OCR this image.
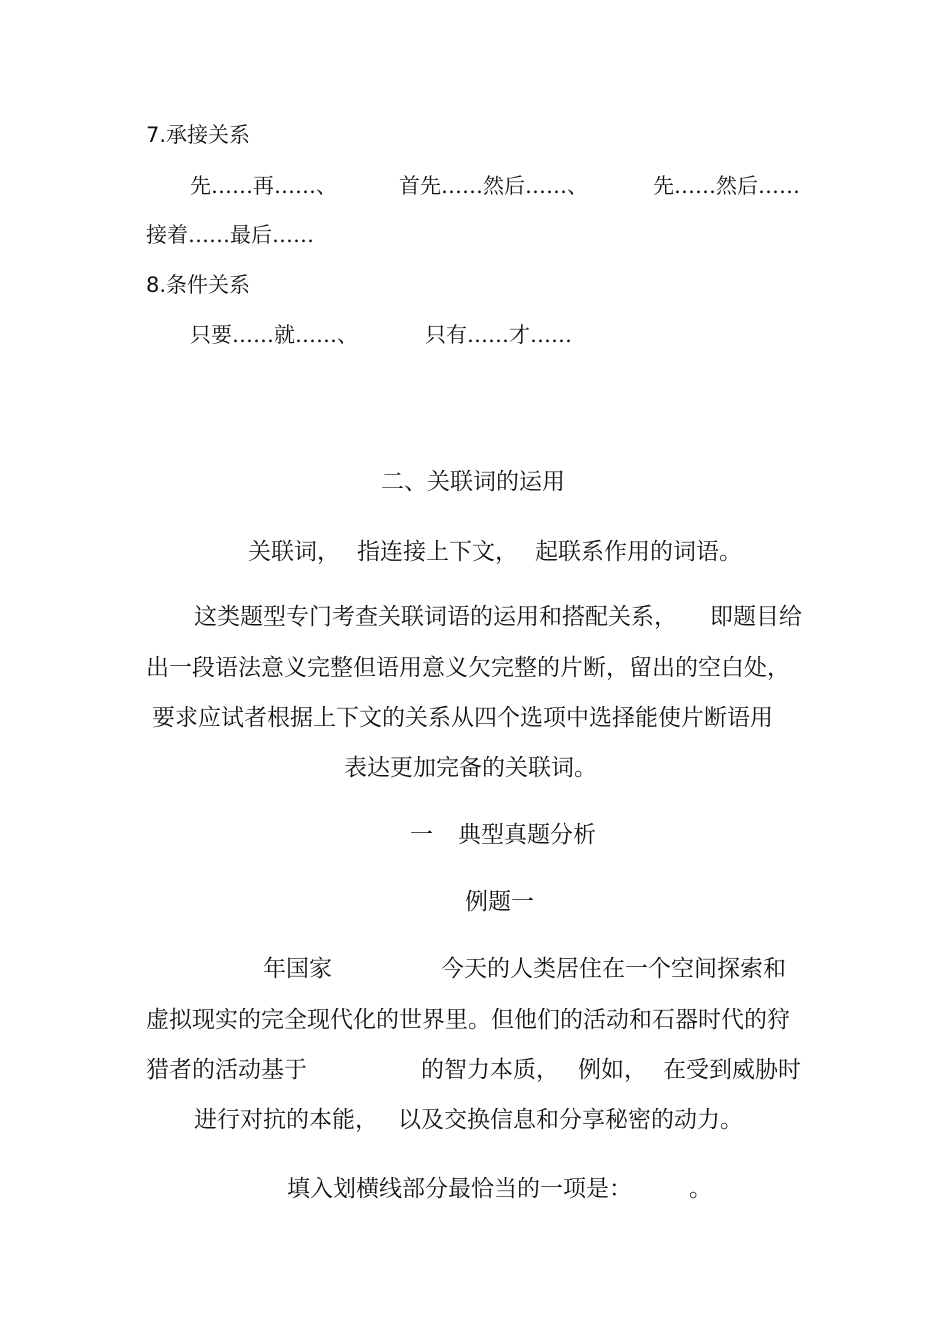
7.承接关系
先……再……、	首先……然后……、	先……然后……
接着……最后……
8.条件关系
只要……就……、	只有……才……
二、关联词的运用
关联词， 指连接上下文， 起联系作用的词语。
这类题型专门考查关联词语的运用和搭配关系， 即题目给
出一段语法意义完整但语用意义欠完整的片断，留出的空白处，
要求应试者根据上下文的关系从四个选项中选择能使片断语用
表达更加完备的关联词。
一 典型真题分析
例题一
年国家	今天的人类居住在一个空间探索和
虚拟现实的完全现代化的世界里。但他们的活动和石器时代的狩
猎者的活动基于	的智力本质， 例如， 在受到威胁时
进行对抗的本能， 以及交换信息和分享秘密的动力。
填入划横线部分最恰当的一项是： 。
